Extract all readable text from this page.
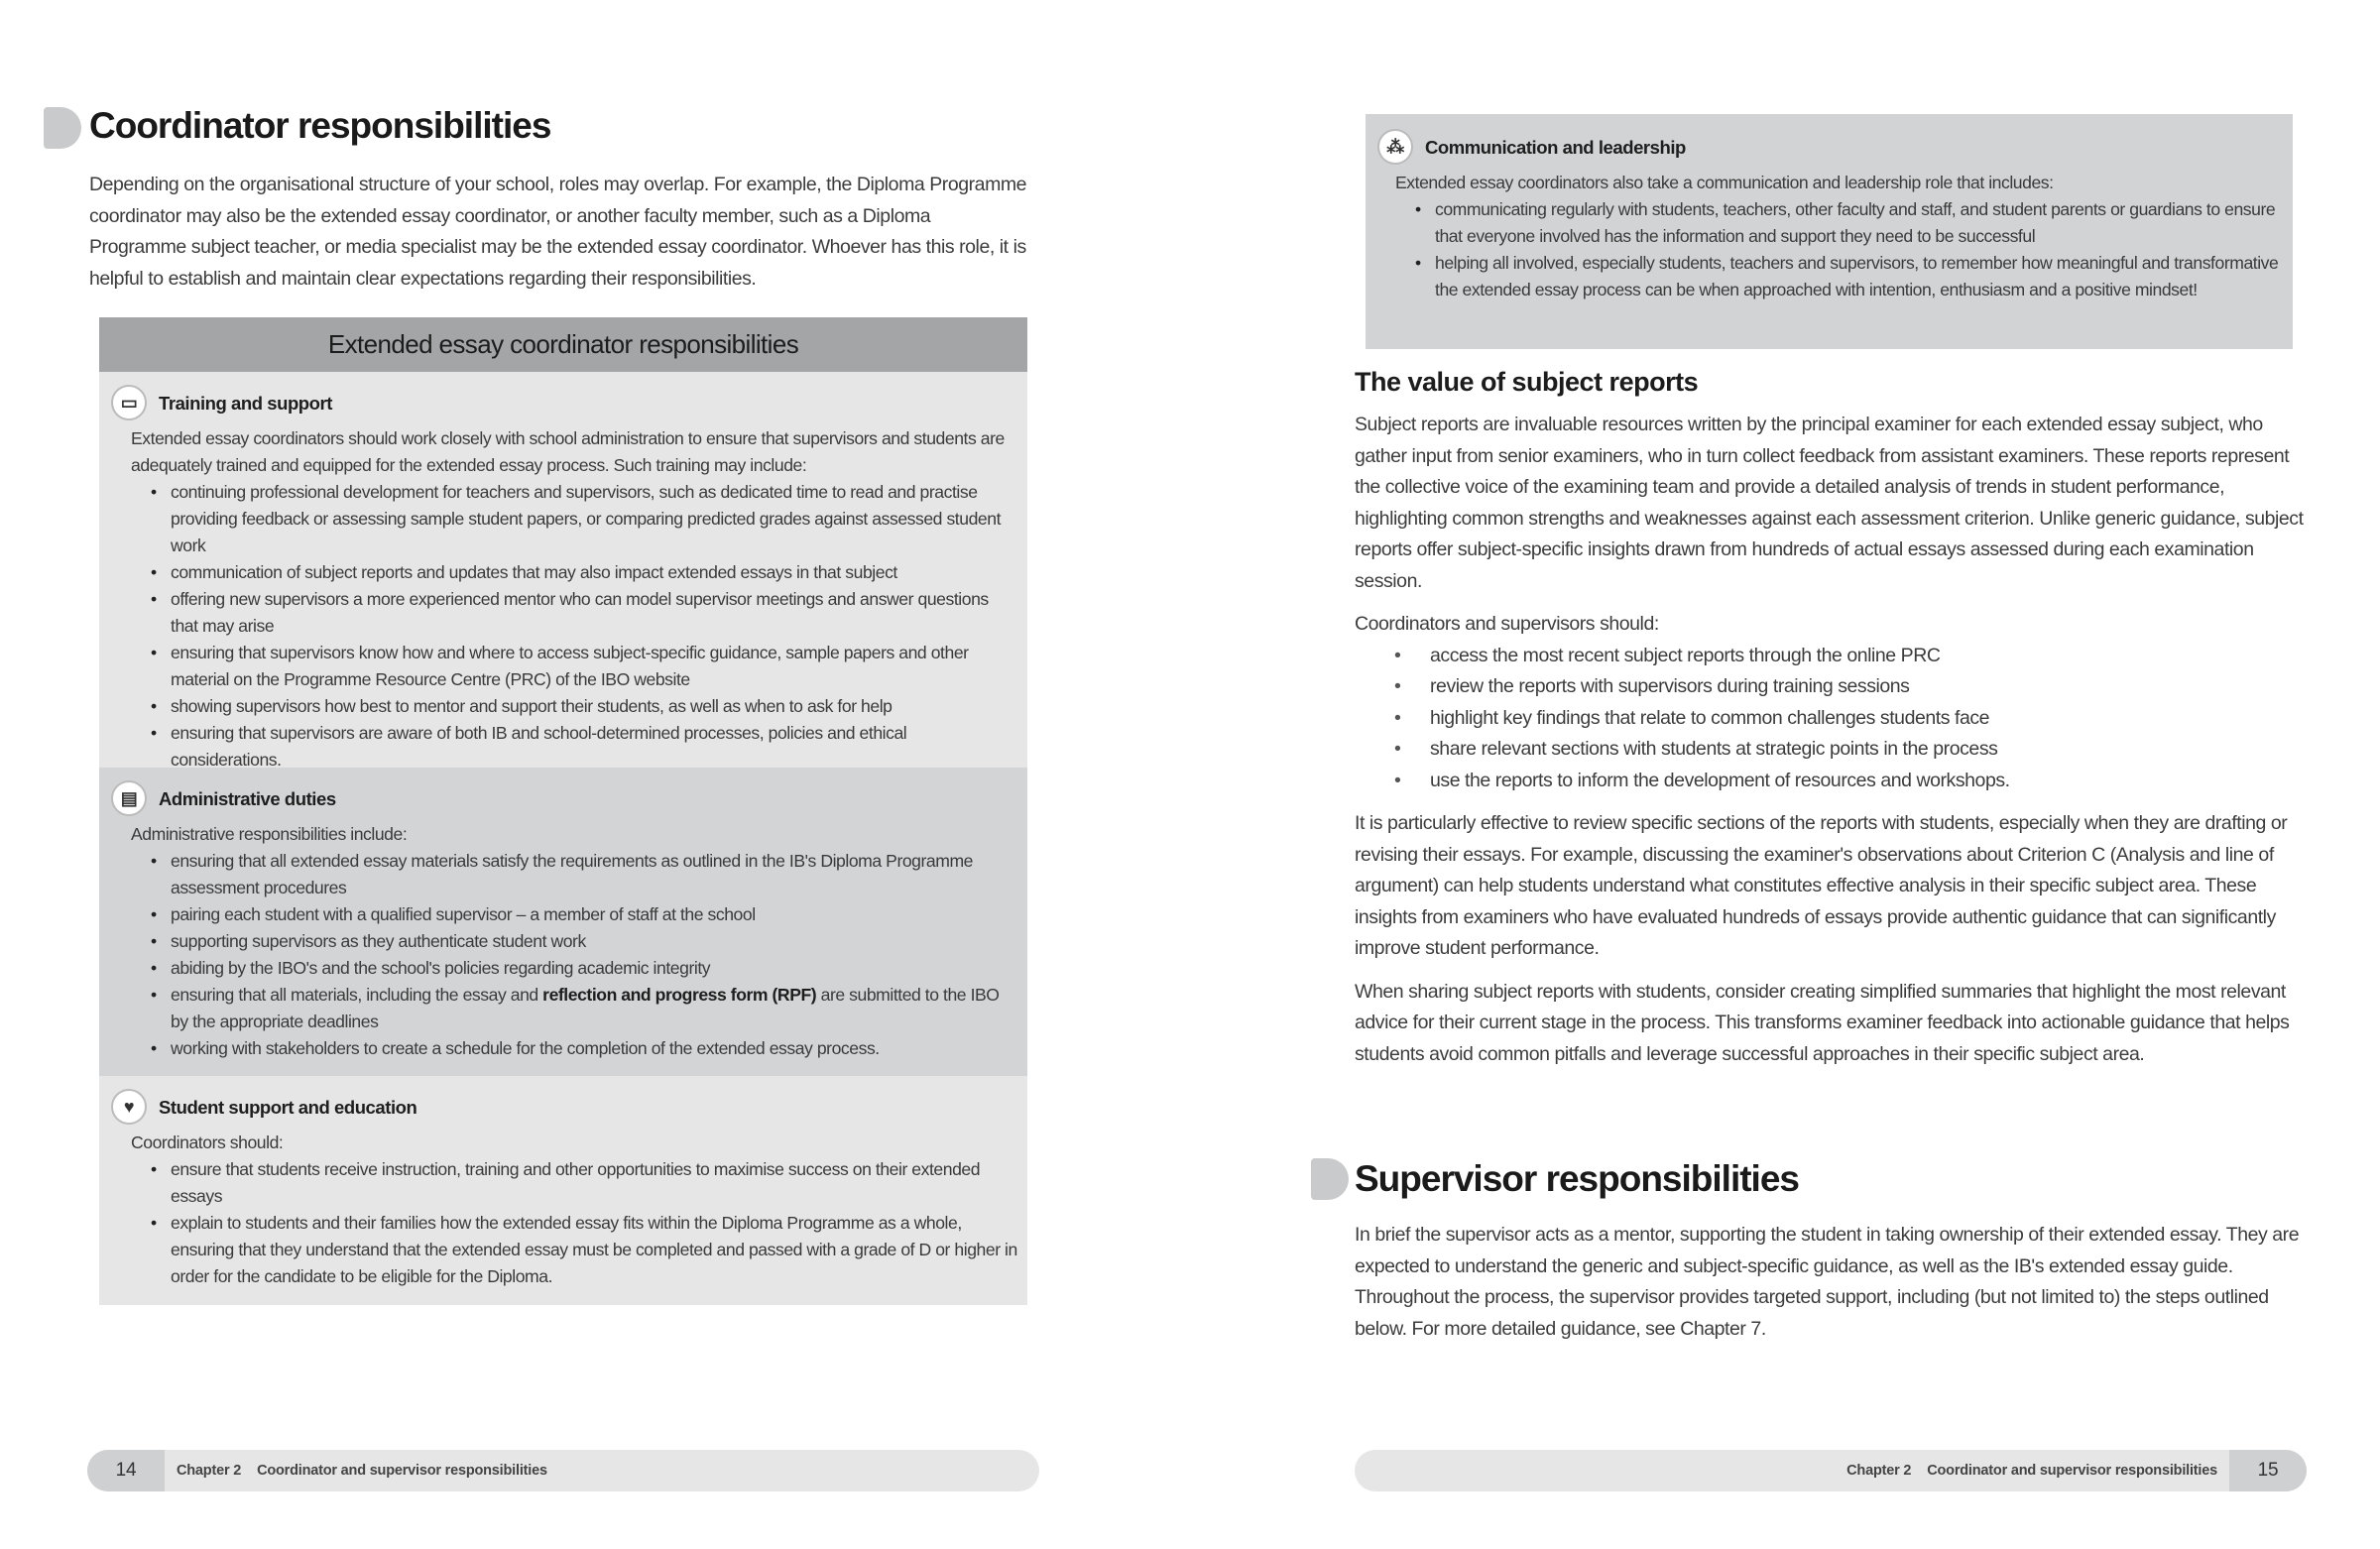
Coordinator responsibilities

Depending on the organisational structure of your school, roles may overlap. For example, the Diploma Programme coordinator may also be the extended essay coordinator, or another faculty member, such as a Diploma Programme subject teacher, or media specialist may be the extended essay coordinator. Whoever has this role, it is helpful to establish and maintain clear expectations regarding their responsibilities.

Extended essay coordinator responsibilities
▭	Training and support

Extended essay coordinators should work closely with school administration to ensure that supervisors and students are adequately trained and equipped for the extended essay process. Such training may include:

• continuing professional development for teachers and supervisors, such as dedicated time to read and practise providing feedback or assessing sample student papers, or comparing predicted grades against assessed student work
• communication of subject reports and updates that may also impact extended essays in that subject
• offering new supervisors a more experienced mentor who can model supervisor meetings and answer questions that may arise
• ensuring that supervisors know how and where to access subject-specific guidance, sample papers and other material on the Programme Resource Centre (PRC) of the IBO website
• showing supervisors how best to mentor and support their students, as well as when to ask for help
• ensuring that supervisors are aware of both IB and school-determined processes, policies and ethical considerations.
▤	Administrative duties

Administrative responsibilities include:

• ensuring that all extended essay materials satisfy the requirements as outlined in the IB's Diploma Programme assessment procedures
• pairing each student with a qualified supervisor – a member of staff at the school
• supporting supervisors as they authenticate student work
• abiding by the IBO's and the school's policies regarding academic integrity
• ensuring that all materials, including the essay and reflection and progress form (RPF) are submitted to the IBO by the appropriate deadlines
• working with stakeholders to create a schedule for the completion of the extended essay process.
♥	Student support and education

Coordinators should:

• ensure that students receive instruction, training and other opportunities to maximise success on their extended essays
• explain to students and their families how the extended essay fits within the Diploma Programme as a whole, ensuring that they understand that the extended essay must be completed and passed with a grade of D or higher in order for the candidate to be eligible for the Diploma.
14	Chapter 2 Coordinator and supervisor responsibilities
⁂	Communication and leadership

Extended essay coordinators also take a communication and leadership role that includes:

• communicating regularly with students, teachers, other faculty and staff, and student parents or guardians to ensure that everyone involved has the information and support they need to be successful
• helping all involved, especially students, teachers and supervisors, to remember how meaningful and transformative the extended essay process can be when approached with intention, enthusiasm and a positive mindset!
The value of subject reports

Subject reports are invaluable resources written by the principal examiner for each extended essay subject, who gather input from senior examiners, who in turn collect feedback from assistant examiners. These reports represent the collective voice of the examining team and provide a detailed analysis of trends in student performance, highlighting common strengths and weaknesses against each assessment criterion. Unlike generic guidance, subject reports offer subject-specific insights drawn from hundreds of actual essays assessed during each examination session.

Coordinators and supervisors should:

• access the most recent subject reports through the online PRC
• review the reports with supervisors during training sessions
• highlight key findings that relate to common challenges students face
• share relevant sections with students at strategic points in the process
• use the reports to inform the development of resources and workshops.

It is particularly effective to review specific sections of the reports with students, especially when they are drafting or revising their essays. For example, discussing the examiner's observations about Criterion C (Analysis and line of argument) can help students understand what constitutes effective analysis in their specific subject area. These insights from examiners who have evaluated hundreds of essays provide authentic guidance that can significantly improve student performance.

When sharing subject reports with students, consider creating simplified summaries that highlight the most relevant advice for their current stage in the process. This transforms examiner feedback into actionable guidance that helps students avoid common pitfalls and leverage successful approaches in their specific subject area.

Supervisor responsibilities

In brief the supervisor acts as a mentor, supporting the student in taking ownership of their extended essay. They are expected to understand the generic and subject-specific guidance, as well as the IB's extended essay guide. Throughout the process, the supervisor provides targeted support, including (but not limited to) the steps outlined below. For more detailed guidance, see Chapter 7.

Chapter 2 Coordinator and supervisor responsibilities	15
